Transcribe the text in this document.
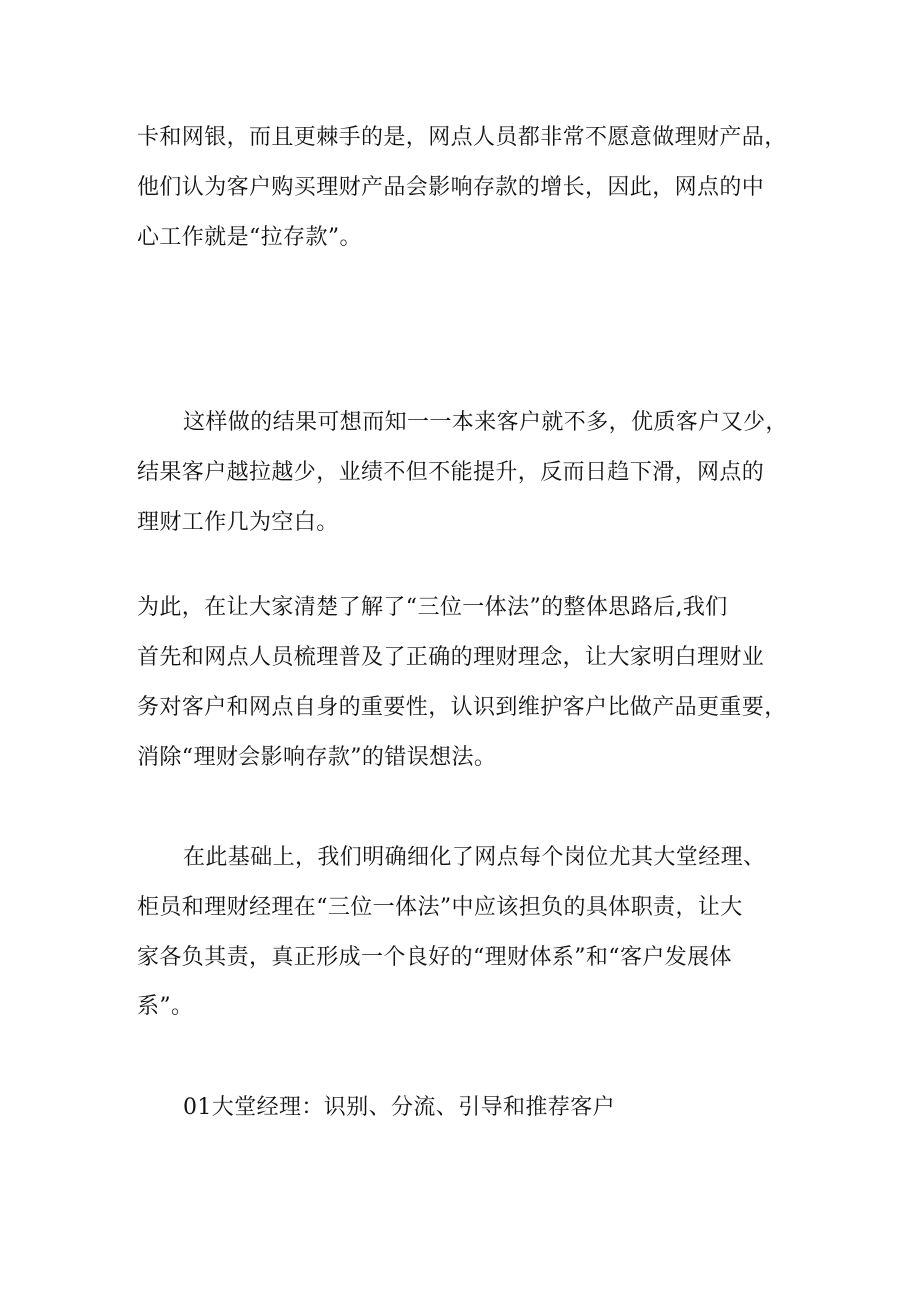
卡和网银，而且更棘手的是，网点人员都非常不愿意做理财产品，
他们认为客户购买理财产品会影响存款的增长，因此，网点的中
心工作就是“拉存款”。
这样做的结果可想而知一一本来客户就不多，优质客户又少，
结果客户越拉越少，业绩不但不能提升，反而日趋下滑，网点的
理财工作几为空白。
为此，在让大家清楚了解了“三位一体法”的整体思路后,我们
首先和网点人员梳理普及了正确的理财理念，让大家明白理财业
务对客户和网点自身的重要性，认识到维护客户比做产品更重要，
消除“理财会影响存款”的错误想法。
在此基础上，我们明确细化了网点每个岗位尤其大堂经理、
柜员和理财经理在“三位一体法”中应该担负的具体职责，让大
家各负其责，真正形成一个良好的“理财体系”和“客户发展体
系”。
01大堂经理：识别、分流、引导和推荐客户
